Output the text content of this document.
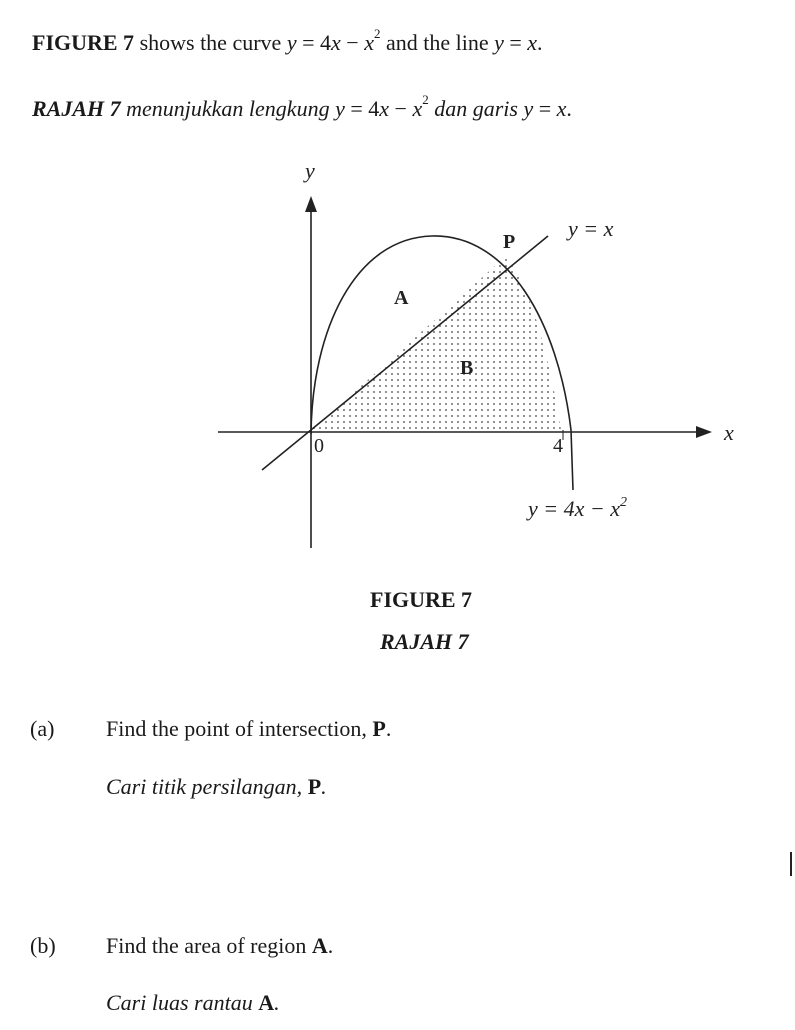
FIGURE 7 shows the curve $y = 4x - x^2$ and the line y = x.
RAJAH 7 menunjukkan lengkung $y = 4x - x^2$ dan garis y = x.
y
x
0	4
P
A
B
y = x
$y = 4x - x^2$
FIGURE 7
RAJAH 7
(a) Find the point of intersection, P.
Cari titik persilangan, P.
(b) Find the area of region A.
Cari luas rantau A.
